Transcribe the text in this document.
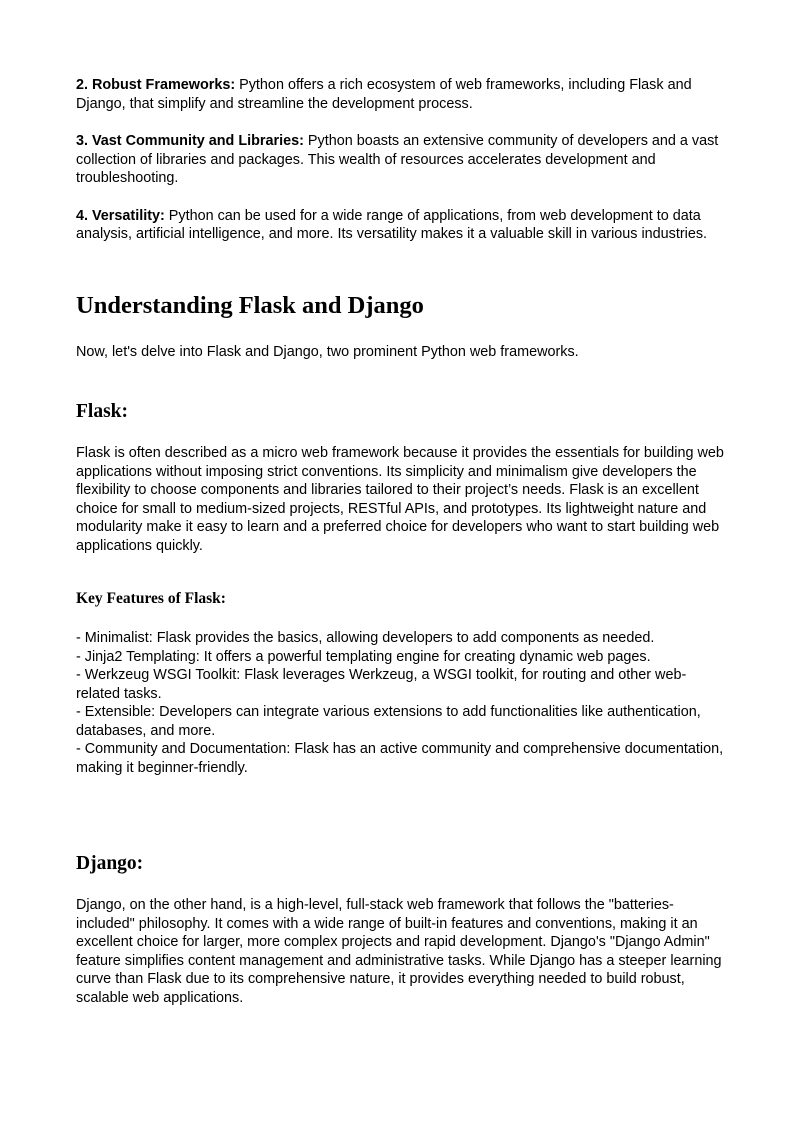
2. Robust Frameworks: Python offers a rich ecosystem of web frameworks, including Flask and Django, that simplify and streamline the development process.

3. Vast Community and Libraries: Python boasts an extensive community of developers and a vast collection of libraries and packages. This wealth of resources accelerates development and troubleshooting.

4. Versatility: Python can be used for a wide range of applications, from web development to data analysis, artificial intelligence, and more. Its versatility makes it a valuable skill in various industries.

Understanding Flask and Django

Now, let's delve into Flask and Django, two prominent Python web frameworks.

Flask:

Flask is often described as a micro web framework because it provides the essentials for building web applications without imposing strict conventions. Its simplicity and minimalism give developers the flexibility to choose components and libraries tailored to their project’s needs. Flask is an excellent choice for small to medium-sized projects, RESTful APIs, and prototypes. Its lightweight nature and modularity make it easy to learn and a preferred choice for developers who want to start building web applications quickly.

Key Features of Flask:
- Minimalist: Flask provides the basics, allowing developers to add components as needed.
- Jinja2 Templating: It offers a powerful templating engine for creating dynamic web pages.
- Werkzeug WSGI Toolkit: Flask leverages Werkzeug, a WSGI toolkit, for routing and other web-related tasks.
- Extensible: Developers can integrate various extensions to add functionalities like authentication, databases, and more.
- Community and Documentation: Flask has an active community and comprehensive documentation, making it beginner-friendly.
Django:

Django, on the other hand, is a high-level, full-stack web framework that follows the "batteries-included" philosophy. It comes with a wide range of built-in features and conventions, making it an excellent choice for larger, more complex projects and rapid development. Django's "Django Admin" feature simplifies content management and administrative tasks. While Django has a steeper learning curve than Flask due to its comprehensive nature, it provides everything needed to build robust, scalable web applications.
